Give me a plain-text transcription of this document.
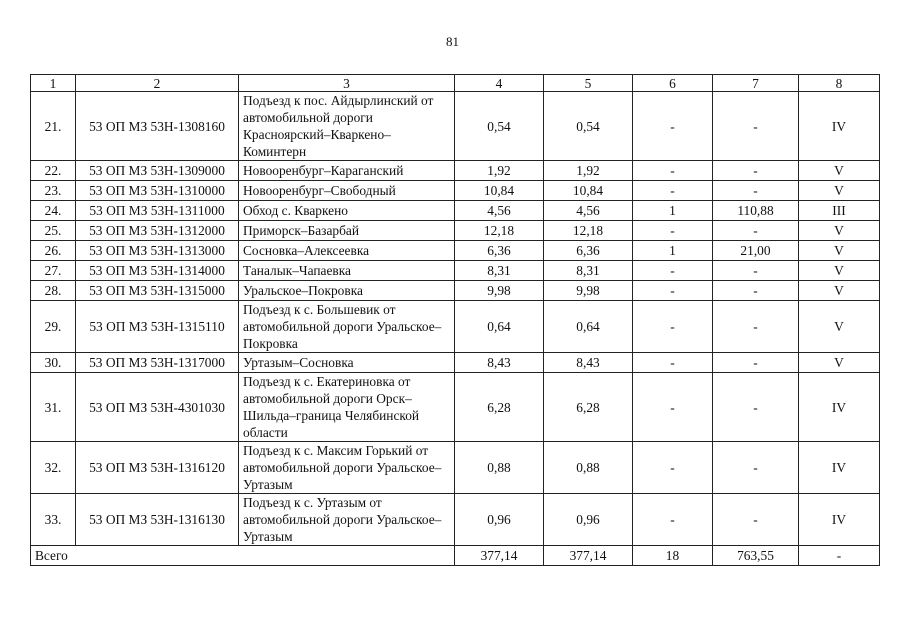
81
1	2	3	4	5	6	7	8
21.	53 ОП МЗ 53Н-1308160	Подъезд к пос. Айдырлинский от автомобильной дороги Красноярский–Кваркено–Коминтерн	0,54	0,54	-	-	IV
22.	53 ОП МЗ 53Н-1309000	Новооренбург–Караганский	1,92	1,92	-	-	V
23.	53 ОП МЗ 53Н-1310000	Новооренбург–Свободный	10,84	10,84	-	-	V
24.	53 ОП МЗ 53Н-1311000	Обход с. Кваркено	4,56	4,56	1	110,88	III
25.	53 ОП МЗ 53Н-1312000	Приморск–Базарбай	12,18	12,18	-	-	V
26.	53 ОП МЗ 53Н-1313000	Сосновка–Алексеевка	6,36	6,36	1	21,00	V
27.	53 ОП МЗ 53Н-1314000	Таналык–Чапаевка	8,31	8,31	-	-	V
28.	53 ОП МЗ 53Н-1315000	Уральское–Покровка	9,98	9,98	-	-	V
29.	53 ОП МЗ 53Н-1315110	Подъезд к с. Большевик от автомобильной дороги Уральское–Покровка	0,64	0,64	-	-	V
30.	53 ОП МЗ 53Н-1317000	Уртазым–Сосновка	8,43	8,43	-	-	V
31.	53 ОП МЗ 53Н-4301030	Подъезд к с. Екатериновка от автомобильной дороги Орск–Шильда–граница Челябинской области	6,28	6,28	-	-	IV
32.	53 ОП МЗ 53Н-1316120	Подъезд к с. Максим Горький от автомобильной дороги Уральское–Уртазым	0,88	0,88	-	-	IV
33.	53 ОП МЗ 53Н-1316130	Подъезд к с. Уртазым от автомобильной дороги Уральское–Уртазым	0,96	0,96	-	-	IV
Всего			377,14	377,14	18	763,55	-
